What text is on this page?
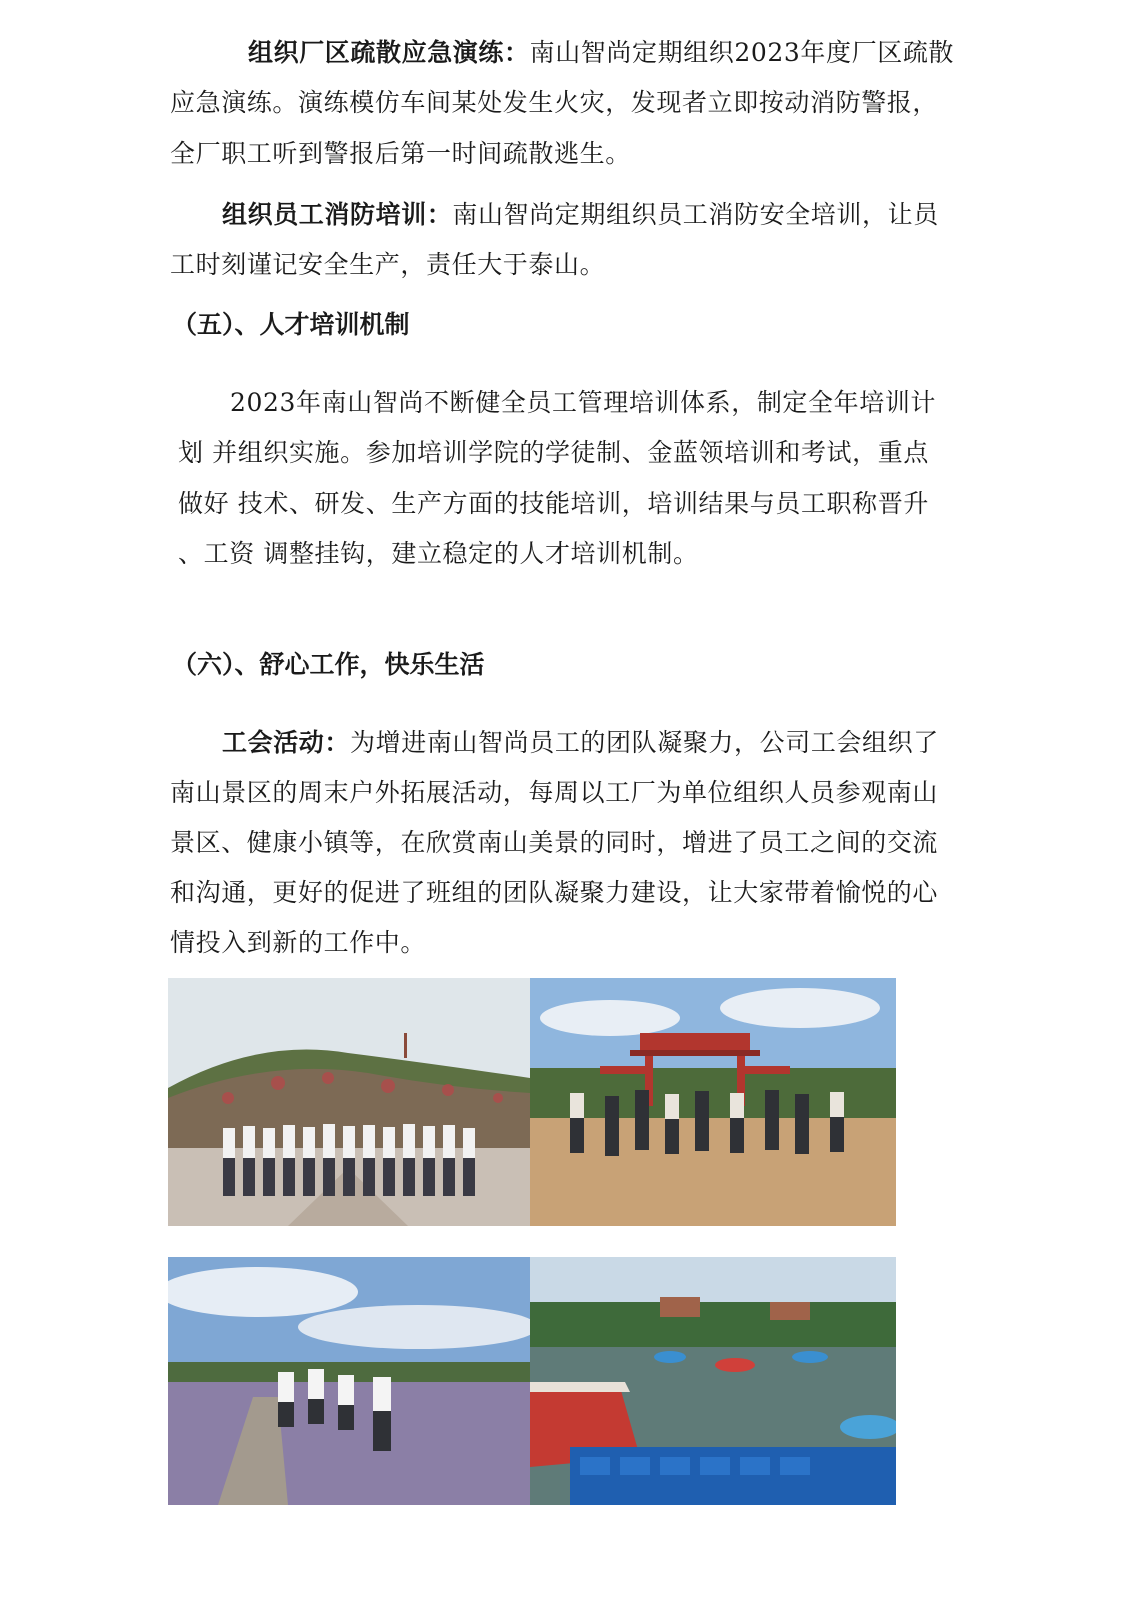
组织厂区疏散应急演练：南山智尚定期组织2023年度厂区疏散
应急演练。演练模仿车间某处发生火灾，发现者立即按动消防警报，
全厂职工听到警报后第一时间疏散逃生。
组织员工消防培训：南山智尚定期组织员工消防安全培训，让员
工时刻谨记安全生产，责任大于泰山。
（五）、人才培训机制
2023年南山智尚不断健全员工管理培训体系，制定全年培训计
划 并组织实施。参加培训学院的学徒制、金蓝领培训和考试，重点
做好 技术、研发、生产方面的技能培训，培训结果与员工职称晋升
、工资 调整挂钩，建立稳定的人才培训机制。
（六）、舒心工作，快乐生活
工会活动：为增进南山智尚员工的团队凝聚力，公司工会组织了
南山景区的周末户外拓展活动，每周以工厂为单位组织人员参观南山
景区、健康小镇等，在欣赏南山美景的同时，增进了员工之间的交流
和沟通，更好的促进了班组的团队凝聚力建设，让大家带着愉悦的心
情投入到新的工作中。
